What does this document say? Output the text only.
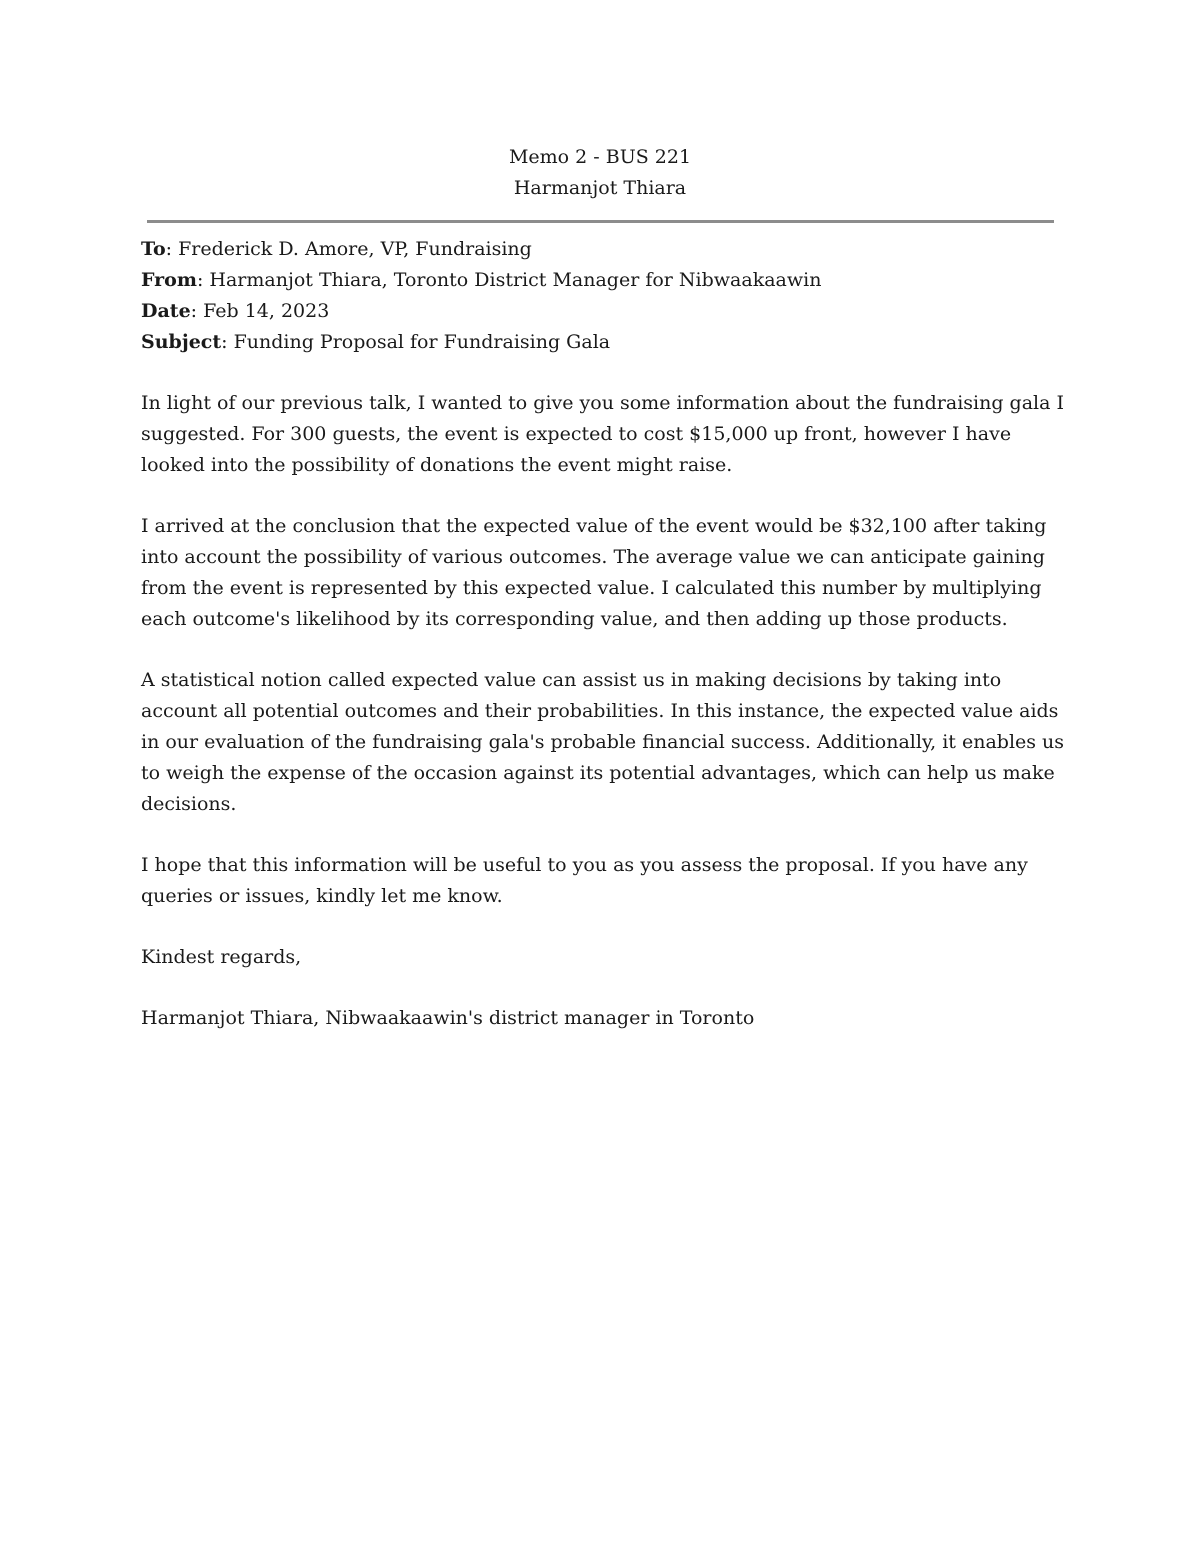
Memo 2 - BUS 221
Harmanjot Thiara

To: Frederick D. Amore, VP, Fundraising

From: Harmanjot Thiara, Toronto District Manager for Nibwaakaawin

Date: Feb 14, 2023

Subject: Funding Proposal for Fundraising Gala

In light of our previous talk, I wanted to give you some information about the fundraising gala I suggested. For 300 guests, the event is expected to cost $15,000 up front, however I have looked into the possibility of donations the event might raise.

I arrived at the conclusion that the expected value of the event would be $32,100 after taking into account the possibility of various outcomes. The average value we can anticipate gaining from the event is represented by this expected value. I calculated this number by multiplying each outcome's likelihood by its corresponding value, and then adding up those products.

A statistical notion called expected value can assist us in making decisions by taking into account all potential outcomes and their probabilities. In this instance, the expected value aids in our evaluation of the fundraising gala's probable financial success. Additionally, it enables us to weigh the expense of the occasion against its potential advantages, which can help us make decisions.

I hope that this information will be useful to you as you assess the proposal. If you have any queries or issues, kindly let me know.

Kindest regards,

Harmanjot Thiara, Nibwaakaawin's district manager in Toronto
